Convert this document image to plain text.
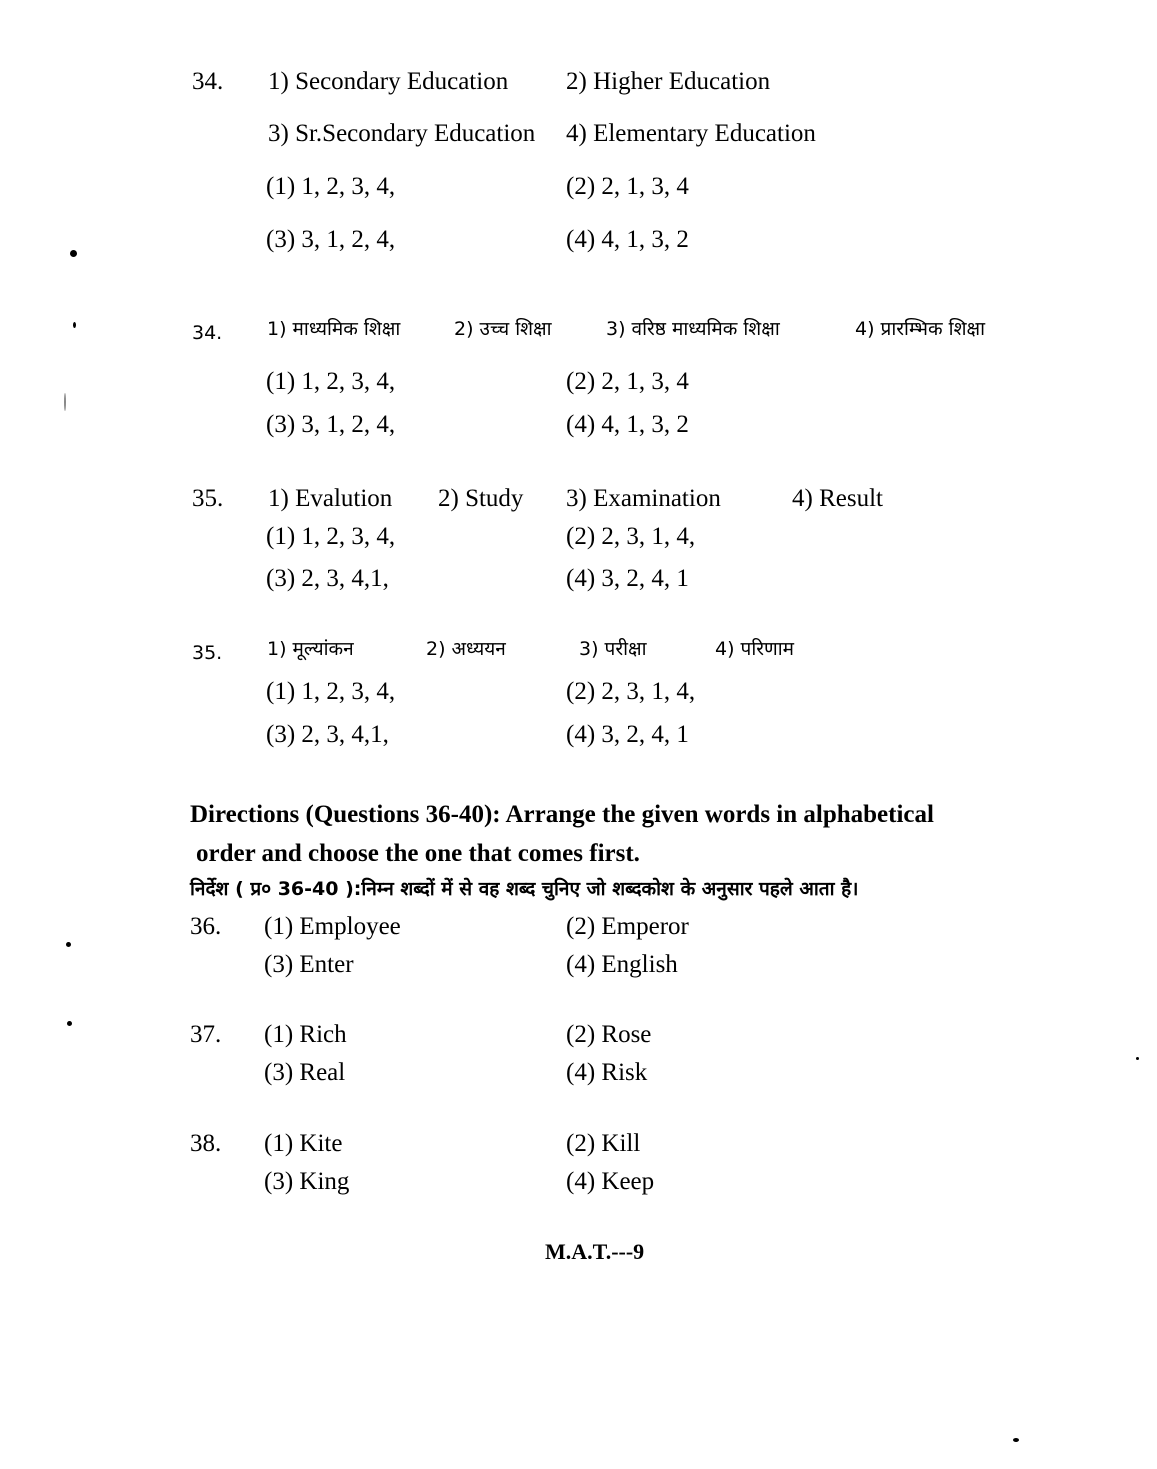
34. 1) Secondary Education 2) Higher Education
3) Sr.Secondary Education 4) Elementary Education
(1) 1, 2, 3, 4,	(2) 2, 1, 3, 4
(3) 3, 1, 2, 4,	(4) 4, 1, 3, 2
34. 1) माध्यमिक शिक्षा	2) उच्च शिक्षा	3) वरिष्ठ माध्यमिक शिक्षा	4) प्रारम्भिक शिक्षा
(1) 1, 2, 3, 4,	(2) 2, 1, 3, 4
(3) 3, 1, 2, 4,	(4) 4, 1, 3, 2
35. 1) Evalution 2) Study 3) Examination	4) Result
(1) 1, 2, 3, 4,	(2) 2, 3, 1, 4,
(3) 2, 3, 4,1,	(4) 3, 2, 4, 1
35. 1) मूल्यांकन	2) अध्ययन	3) परीक्षा	4) परिणाम
(1) 1, 2, 3, 4,	(2) 2, 3, 1, 4,
(3) 2, 3, 4,1,	(4) 3, 2, 4, 1
Directions (Questions 36-40): Arrange the given words in alphabetical
order and choose the one that comes first.
निर्देश ( प्र० 36-40 ):निम्न शब्दों में से वह शब्द चुनिए जो शब्दकोश के अनुसार पहले आता है।
36. (1) Employee	(2) Emperor
(3) Enter	(4) English
37. (1) Rich	(2) Rose
(3) Real	(4) Risk
38. (1) Kite	(2) Kill
(3) King	(4) Keep
M.A.T.---9
